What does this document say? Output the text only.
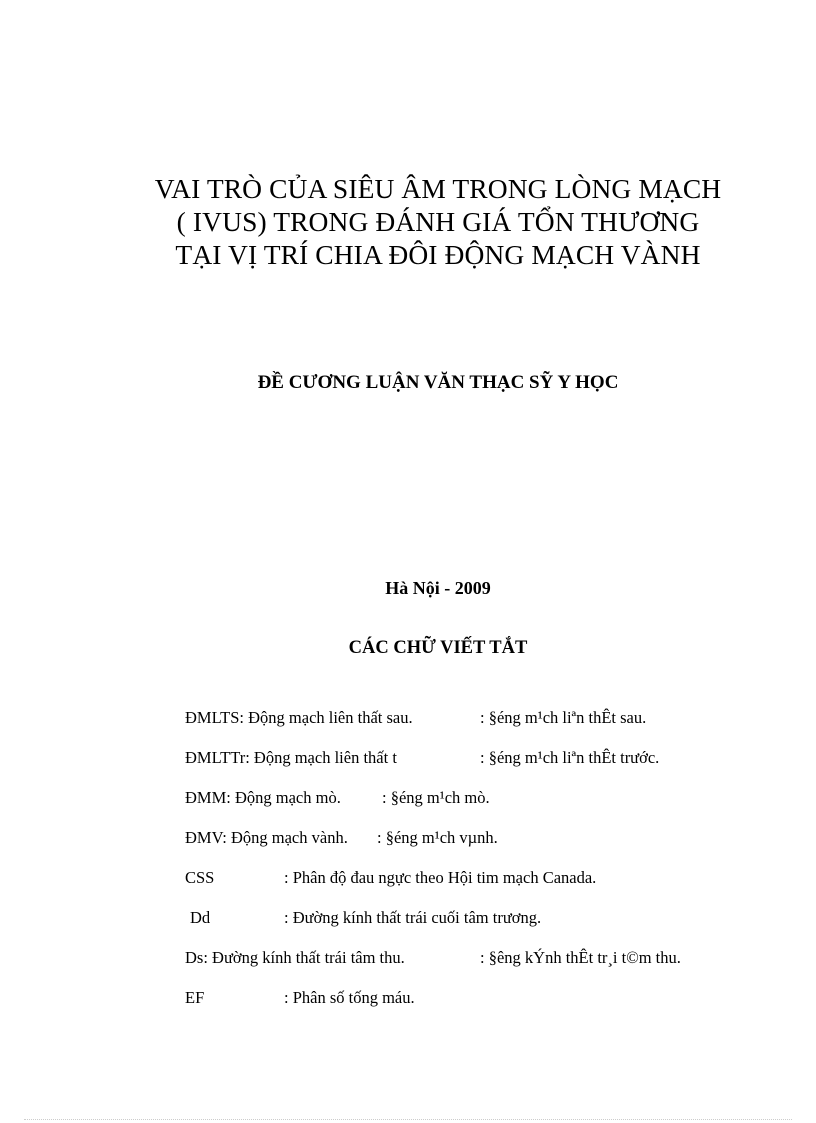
VAI TRÒ CỦA SIÊU ÂM TRONG LÒNG MẠCH
( IVUS) TRONG ĐÁNH GIÁ TỔN THƯƠNG
TẠI VỊ TRÍ CHIA ĐÔI ĐỘNG MẠCH VÀNH
ĐỀ CƯƠNG LUẬN VĂN THẠC SỸ Y HỌC
Hà Nội - 2009
CÁC CHỮ VIẾT TẮT
ĐMLTS: Động mạch liên thất sau.	: §éng m¹ch liªn thÊt sau.
ĐMLTTr: Động mạch liên thất t	: §éng m¹ch liªn thÊt trước.
ĐMM: Động mạch mò. : §éng m¹ch mò.
ĐMV: Động mạch vành. : §éng m¹ch vµnh.
CSS	: Phân độ đau ngực theo Hội tim mạch Canada.
Dd	: Đường kính thất trái cuối tâm trương.
Ds: Đường kính thất trái tâm thu.	: §êng kÝnh thÊt tr¸i t©m thu.
EF	: Phân số tống máu.
